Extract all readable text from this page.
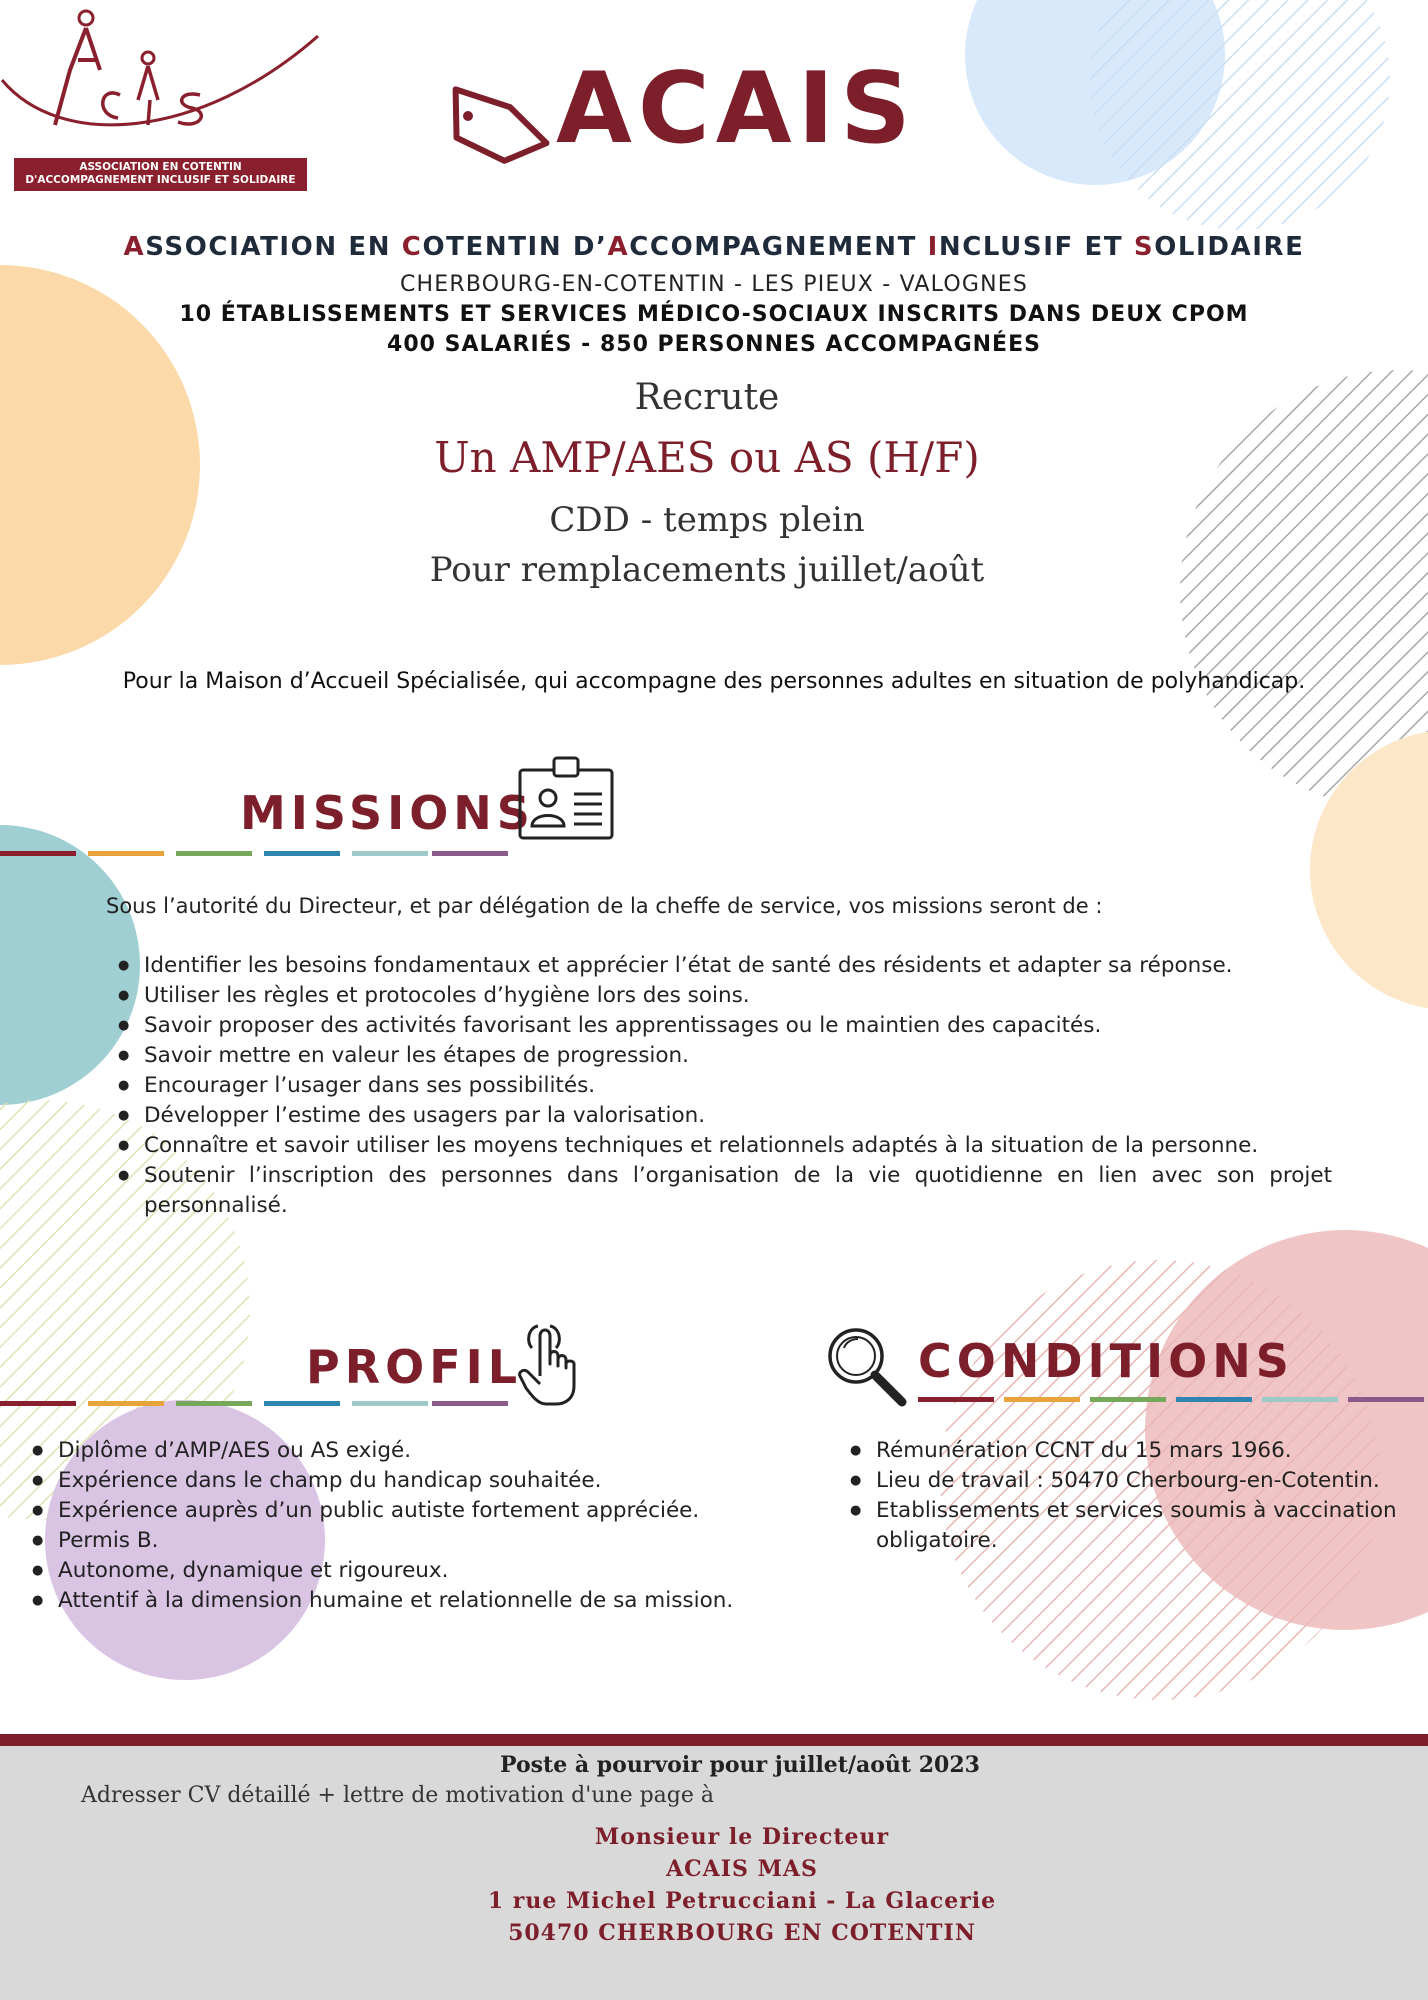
ASSOCIATION EN COTENTIN
D'ACCOMPAGNEMENT INCLUSIF ET SOLIDAIRE
ACAIS
ASSOCIATION EN COTENTIN D’ACCOMPAGNEMENT INCLUSIF ET SOLIDAIRE
CHERBOURG-EN-COTENTIN - LES PIEUX - VALOGNES
10 ÉTABLISSEMENTS ET SERVICES MÉDICO-SOCIAUX INSCRITS DANS DEUX CPOM
400 SALARIÉS - 850 PERSONNES ACCOMPAGNÉES
Recrute
Un AMP/AES ou AS (H/F)
CDD - temps plein
Pour remplacements juillet/août
Pour la Maison d’Accueil Spécialisée, qui accompagne des personnes adultes en situation de polyhandicap.
MISSIONS
Sous l’autorité du Directeur, et par délégation de la cheffe de service, vos missions seront de :
● Identifier les besoins fondamentaux et apprécier l’état de santé des résidents et adapter sa réponse.
● Utiliser les règles et protocoles d’hygiène lors des soins.
● Savoir proposer des activités favorisant les apprentissages ou le maintien des capacités.
● Savoir mettre en valeur les étapes de progression.
● Encourager l’usager dans ses possibilités.
● Développer l’estime des usagers par la valorisation.
● Connaître et savoir utiliser les moyens techniques et relationnels adaptés à la situation de la personne.
● Soutenir l’inscription des personnes dans l’organisation de la vie quotidienne en lien avec son projet personnalisé.
PROFIL
● Diplôme d’AMP/AES ou AS exigé.
● Expérience dans le champ du handicap souhaitée.
● Expérience auprès d’un public autiste fortement appréciée.
● Permis B.
● Autonome, dynamique et rigoureux.
● Attentif à la dimension humaine et relationnelle de sa mission.
CONDITIONS
● Rémunération CCNT du 15 mars 1966.
● Lieu de travail : 50470 Cherbourg-en-Cotentin.
● Etablissements et services soumis à vaccination obligatoire.
Poste à pourvoir pour juillet/août 2023
Adresser CV détaillé + lettre de motivation d'une page à
Monsieur le Directeur
ACAIS MAS
1 rue Michel Petrucciani - La Glacerie
50470 CHERBOURG EN COTENTIN
